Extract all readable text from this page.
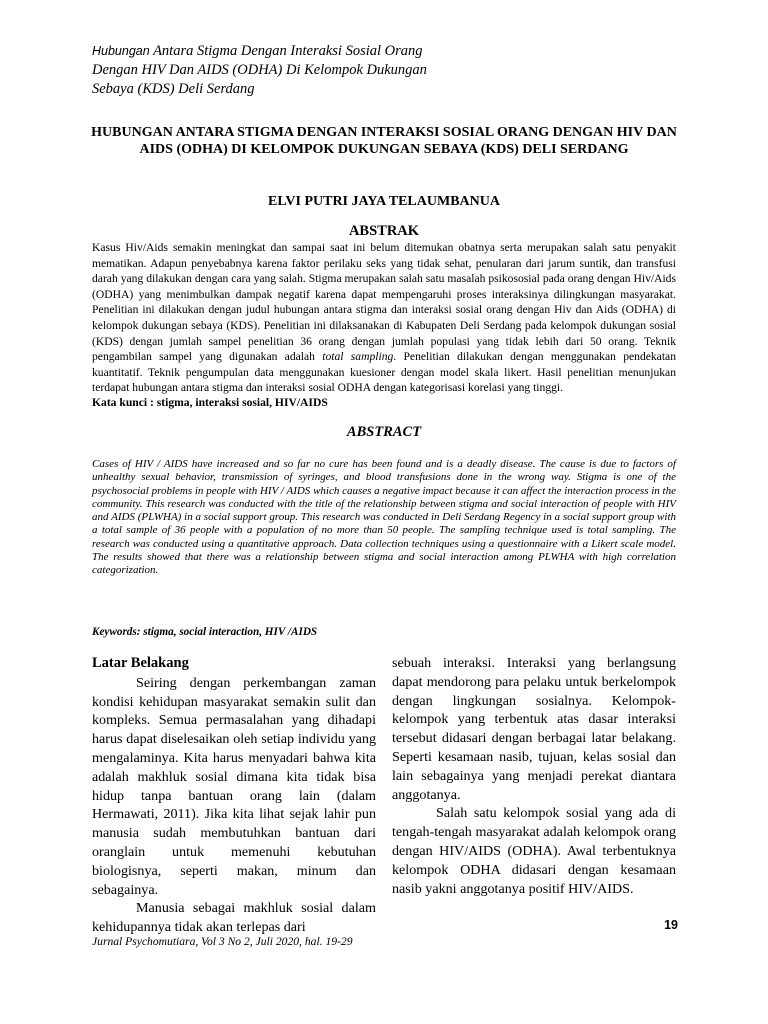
Hubungan Antara Stigma Dengan Interaksi Sosial Orang
Dengan HIV Dan AIDS (ODHA) Di Kelompok Dukungan
Sebaya (KDS) Deli Serdang
HUBUNGAN ANTARA STIGMA DENGAN INTERAKSI SOSIAL ORANG DENGAN HIV DAN AIDS (ODHA) DI KELOMPOK DUKUNGAN SEBAYA (KDS) DELI SERDANG
ELVI PUTRI JAYA TELAUMBANUA
ABSTRAK
Kasus Hiv/Aids semakin meningkat dan sampai saat ini belum ditemukan obatnya serta merupakan salah satu penyakit mematikan. Adapun penyebabnya karena faktor perilaku seks yang tidak sehat, penularan dari jarum suntik, dan transfusi darah yang dilakukan dengan cara yang salah. Stigma merupakan salah satu masalah psikososial pada orang dengan Hiv/Aids (ODHA) yang menimbulkan dampak negatif karena dapat mempengaruhi proses interaksinya dilingkungan masyarakat. Penelitian ini dilakukan dengan judul hubungan antara stigma dan interaksi sosial orang dengan Hiv dan Aids (ODHA) di kelompok dukungan sebaya (KDS). Penelitian ini dilaksanakan di Kabupaten Deli Serdang pada kelompok dukungan sosial (KDS) dengan jumlah sampel penelitian 36 orang dengan jumlah populasi yang tidak lebih dari 50 orang. Teknik pengambilan sampel yang digunakan adalah total sampling. Penelitian dilakukan dengan menggunakan pendekatan kuantitatif. Teknik pengumpulan data menggunakan kuesioner dengan model skala likert. Hasil penelitian menunjukan terdapat hubungan antara stigma dan interaksi sosial ODHA dengan kategorisasi korelasi yang tinggi.
Kata kunci : stigma, interaksi sosial, HIV/AIDS
ABSTRACT
Cases of HIV / AIDS have increased and so far no cure has been found and is a deadly disease. The cause is due to factors of unhealthy sexual behavior, transmission of syringes, and blood transfusions done in the wrong way. Stigma is one of the psychosocial problems in people with HIV / AIDS which causes a negative impact because it can affect the interaction process in the community. This research was conducted with the title of the relationship between stigma and social interaction of people with HIV and AIDS (PLWHA) in a social support group. This research was conducted in Deli Serdang Regency in a social support group with a total sample of 36 people with a population of no more than 50 people. The sampling technique used is total sampling. The research was conducted using a quantitative approach. Data collection techniques using a questionnaire with a Likert scale model. The results showed that there was a relationship between stigma and social interaction among PLWHA with high correlation categorization.
Keywords: stigma, social interaction, HIV /AIDS
Latar Belakang

Seiring dengan perkembangan zaman kondisi kehidupan masyarakat semakin sulit dan kompleks. Semua permasalahan yang dihadapi harus dapat diselesaikan oleh setiap individu yang mengalaminya. Kita harus menyadari bahwa kita adalah makhluk sosial dimana kita tidak bisa hidup tanpa bantuan orang lain (dalam Hermawati, 2011). Jika kita lihat sejak lahir pun manusia sudah membutuhkan bantuan dari oranglain untuk memenuhi kebutuhan biologisnya, seperti makan, minum dan sebagainya.

Manusia sebagai makhluk sosial dalam kehidupannya tidak akan terlepas dari

sebuah interaksi. Interaksi yang berlangsung dapat mendorong para pelaku untuk berkelompok dengan lingkungan sosialnya. Kelompok-kelompok yang terbentuk atas dasar interaksi tersebut didasari dengan berbagai latar belakang. Seperti kesamaan nasib, tujuan, kelas sosial dan lain sebagainya yang menjadi perekat diantara anggotanya.

Salah satu kelompok sosial yang ada di tengah-tengah masyarakat adalah kelompok orang dengan HIV/AIDS (ODHA). Awal terbentuknya kelompok ODHA didasari dengan kesamaan nasib yakni anggotanya positif HIV/AIDS.

19
Jurnal Psychomutiara, Vol 3 No 2, Juli 2020, hal. 19-29
